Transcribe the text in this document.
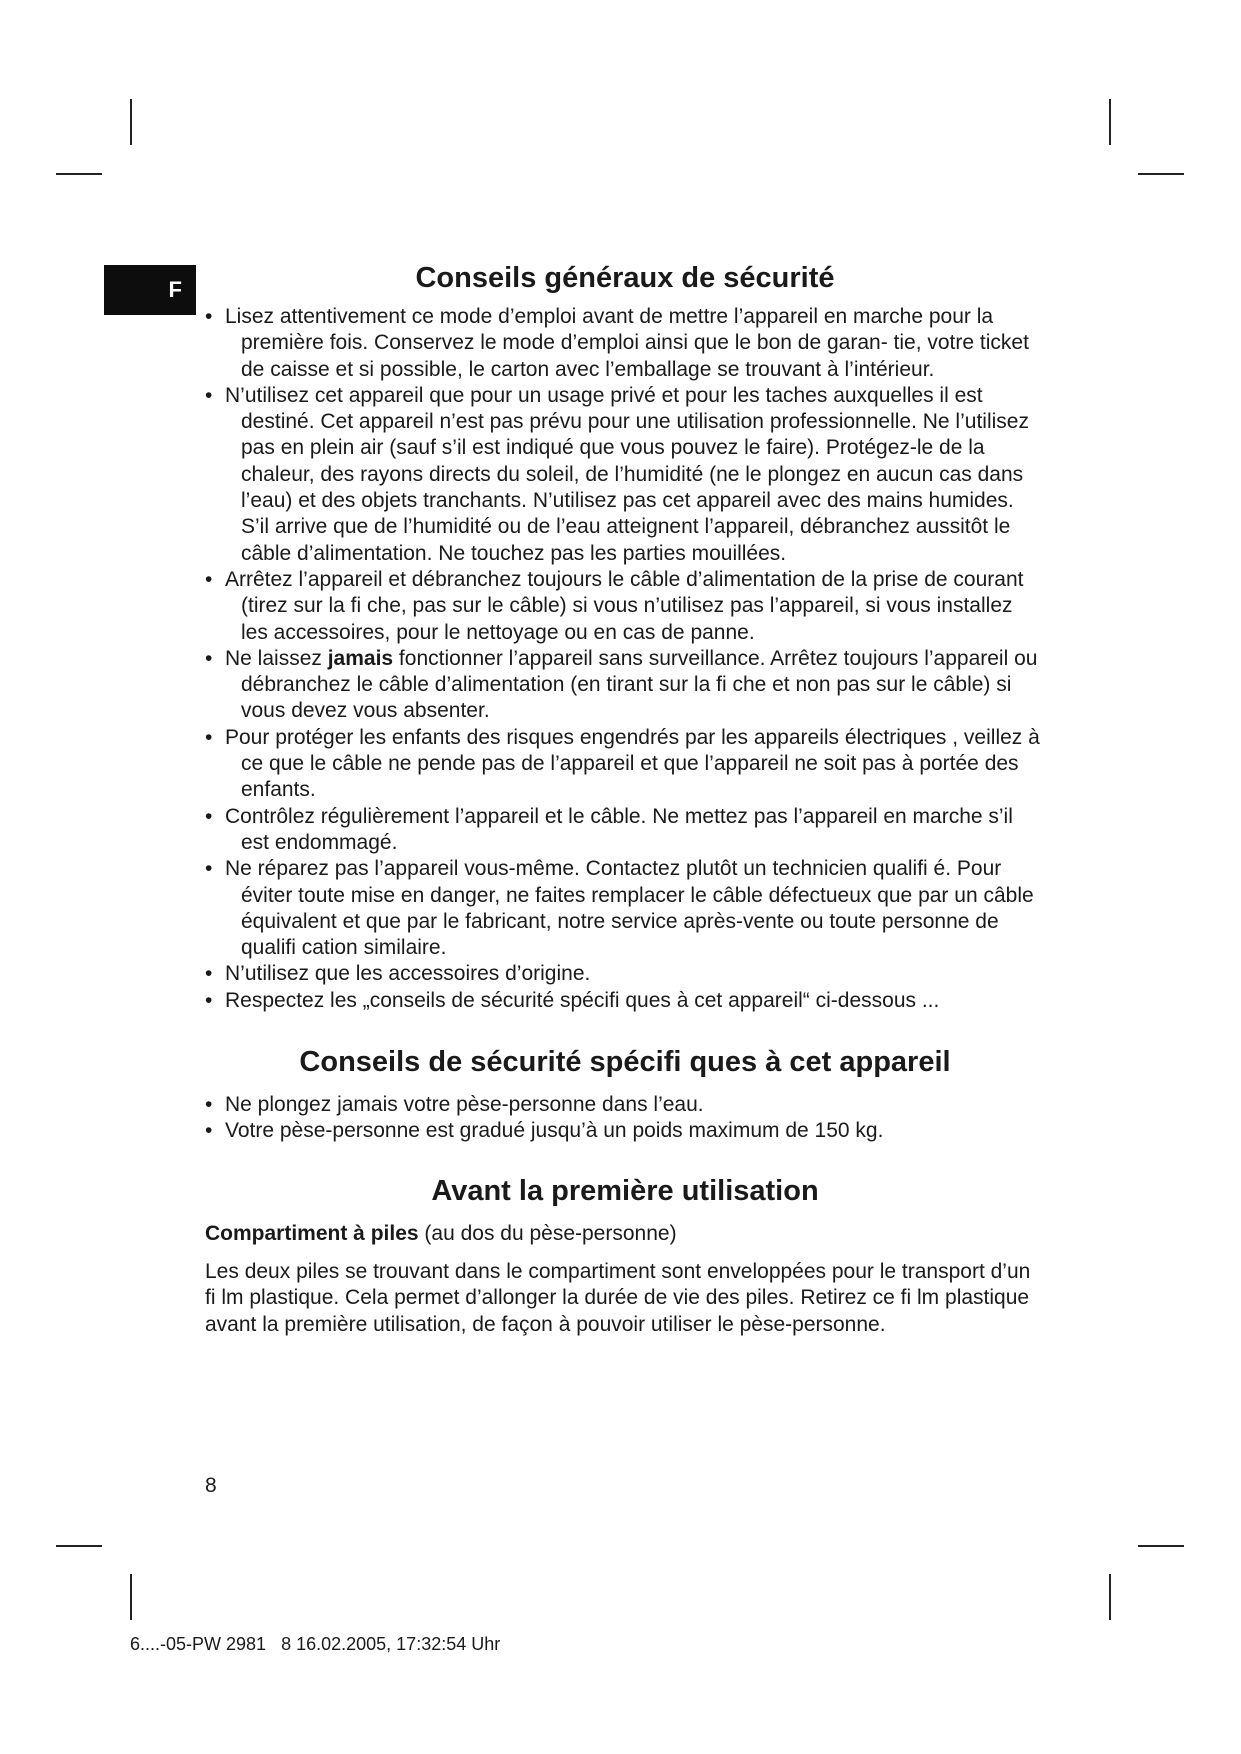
F	Conseils généraux de sécurité
• Lisez attentivement ce mode d’emploi avant de mettre l’appareil en marche pour la première fois. Conservez le mode d’emploi ainsi que le bon de garan- tie, votre ticket de caisse et si possible, le carton avec l’emballage se trouvant à l’intérieur.
• N’utilisez cet appareil que pour un usage privé et pour les taches auxquelles il est destiné. Cet appareil n’est pas prévu pour une utilisation professionnelle. Ne l’utilisez pas en plein air (sauf s’il est indiqué que vous pouvez le faire). Protégez-le de la chaleur, des rayons directs du soleil, de l’humidité (ne le plongez en aucun cas dans l’eau) et des objets tranchants. N’utilisez pas cet appareil avec des mains humides. S’il arrive que de l’humidité ou de l’eau atteignent l’appareil, débranchez aussitôt le câble d’alimentation. Ne touchez pas les parties mouillées.
• Arrêtez l’appareil et débranchez toujours le câble d’alimentation de la prise de courant (tirez sur la fi che, pas sur le câble) si vous n’utilisez pas l’appareil, si vous installez les accessoires, pour le nettoyage ou en cas de panne.
• Ne laissez jamais fonctionner l’appareil sans surveillance. Arrêtez toujours l’appareil ou débranchez le câble d’alimentation (en tirant sur la fi che et non pas sur le câble) si vous devez vous absenter.
• Pour protéger les enfants des risques engendrés par les appareils électriques , veillez à ce que le câble ne pende pas de l’appareil et que l’appareil ne soit pas à portée des enfants.
• Contrôlez régulièrement l’appareil et le câble. Ne mettez pas l’appareil en marche s’il est endommagé.
• Ne réparez pas l’appareil vous-même. Contactez plutôt un technicien qualifi é. Pour éviter toute mise en danger, ne faites remplacer le câble défectueux que par un câble équivalent et que par le fabricant, notre service après-vente ou toute personne de qualifi cation similaire.
• N’utilisez que les accessoires d’origine.
• Respectez les „conseils de sécurité spécifi ques à cet appareil“ ci-dessous ...
Conseils de sécurité spécifi ques à cet appareil
• Ne plongez jamais votre pèse-personne dans l’eau.
• Votre pèse-personne est gradué jusqu’à un poids maximum de 150 kg.
Avant la première utilisation

Compartiment à piles (au dos du pèse-personne)

Les deux piles se trouvant dans le compartiment sont enveloppées pour le transport d’un fi lm plastique. Cela permet d’allonger la durée de vie des piles. Retirez ce fi lm plastique avant la première utilisation, de façon à pouvoir utiliser le pèse-personne.

8
6....-05-PW 2981   8 16.02.2005, 17:32:54 Uhr
